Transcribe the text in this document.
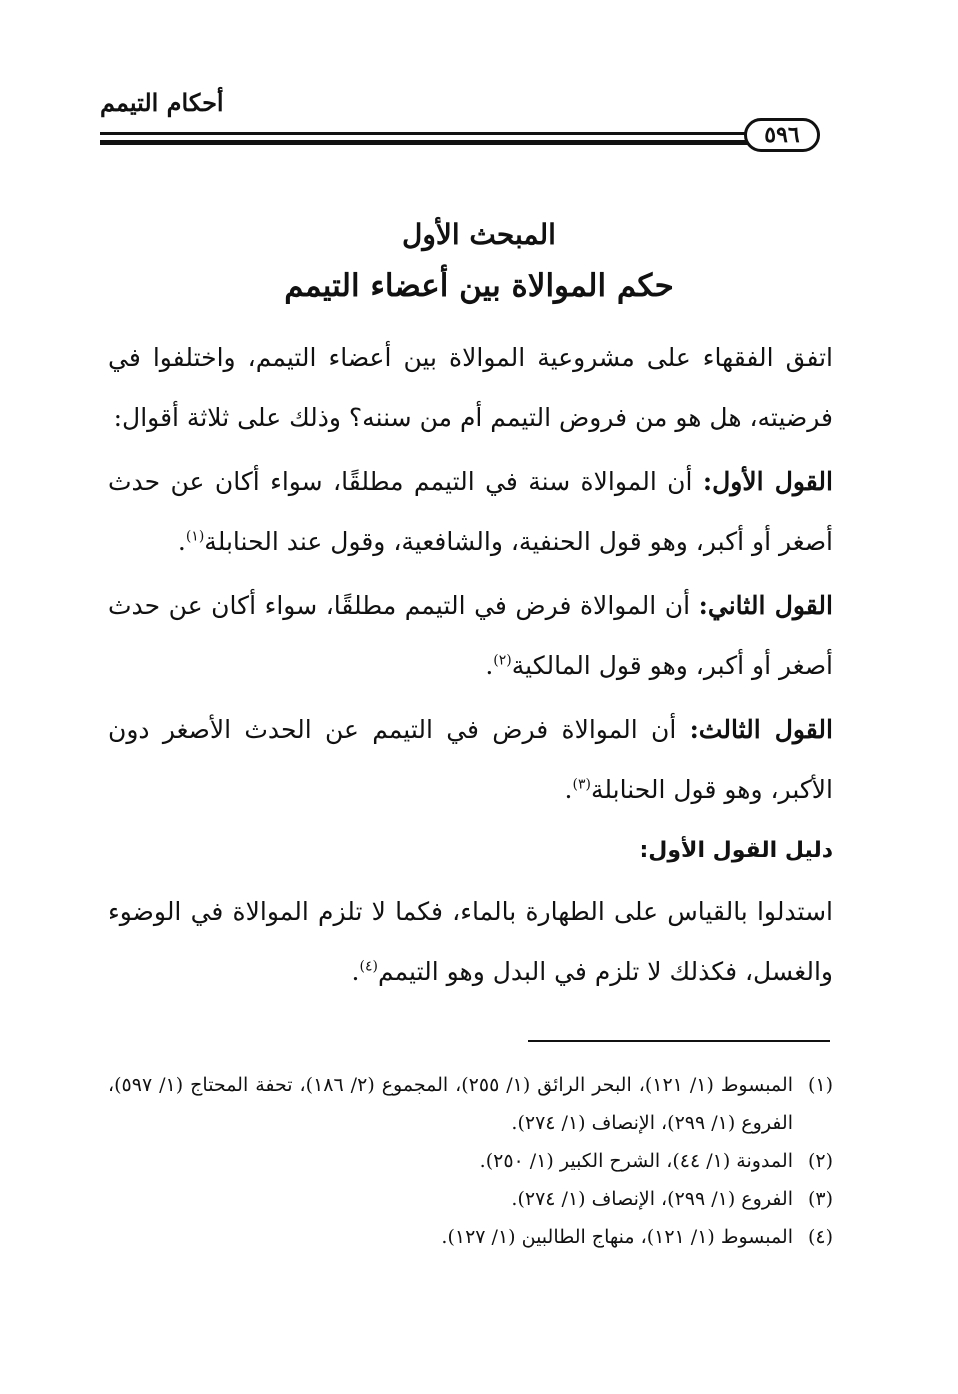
أحكام التيمم
٥٩٦
المبحث الأول
حكم الموالاة بين أعضاء التيمم
اتفق الفقهاء على مشروعية الموالاة بين أعضاء التيمم، واختلفوا في فرضيته، هل هو من فروض التيمم أم من سننه؟ وذلك على ثلاثة أقوال:
القول الأول: أن الموالاة سنة في التيمم مطلقًا، سواء أكان عن حدث أصغر أو أكبر، وهو قول الحنفية، والشافعية، وقول عند الحنابلة$^{(١)}$.
القول الثاني: أن الموالاة فرض في التيمم مطلقًا، سواء أكان عن حدث أصغر أو أكبر، وهو قول المالكية$^{(٢)}$.
القول الثالث: أن الموالاة فرض في التيمم عن الحدث الأصغر دون الأكبر، وهو قول الحنابلة$^{(٣)}$.
دليل القول الأول:
استدلوا بالقياس على الطهارة بالماء، فكما لا تلزم الموالاة في الوضوء والغسل، فكذلك لا تلزم في البدل وهو التيمم$^{(٤)}$.
(١)
المبسوط (١/ ١٢١)، البحر الرائق (١/ ٢٥٥)، المجموع (٢/ ١٨٦)، تحفة المحتاج (١/ ٥٩٧)، الفروع (١/ ٢٩٩)، الإنصاف (١/ ٢٧٤).
(٢)
المدونة (١/ ٤٤)، الشرح الكبير (١/ ٢٥٠).
(٣)
الفروع (١/ ٢٩٩)، الإنصاف (١/ ٢٧٤).
(٤)
المبسوط (١/ ١٢١)، منهاج الطالبين (١/ ١٢٧).
